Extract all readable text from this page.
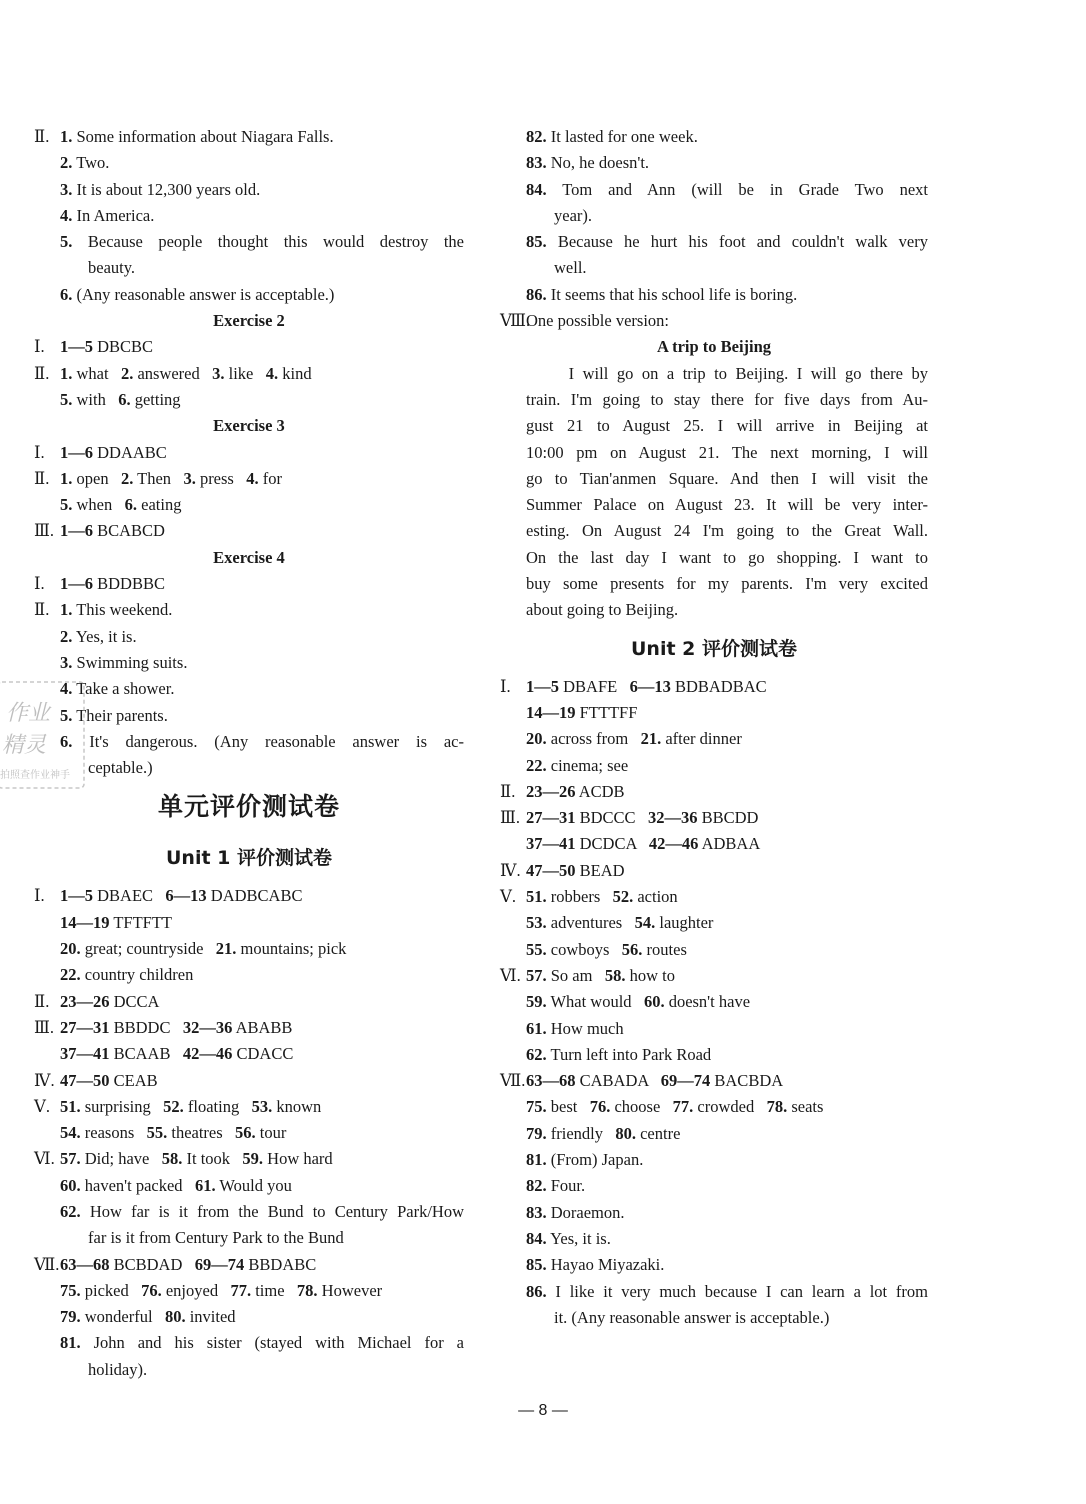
Ⅱ. 1. Some information about Niagara Falls.
2. Two.
3. It is about 12,300 years old.
4. In America.
5. Because people thought this would destroy the
beauty.
6. (Any reasonable answer is acceptable.)
Exercise 2
Ⅰ. 1—5 DBCBC
Ⅱ. 1. what   2. answered   3. like   4. kind
5. with   6. getting
Exercise 3
Ⅰ. 1—6 DDAABC
Ⅱ. 1. open   2. Then   3. press   4. for
5. when   6. eating
Ⅲ. 1—6 BCABCD
Exercise 4
Ⅰ. 1—6 BDDBBC
Ⅱ. 1. This weekend.
2. Yes, it is.
3. Swimming suits.
4. Take a shower.
5. Their parents.
6. It's dangerous. (Any reasonable answer is ac-
ceptable.)
单元评价测试卷
Unit 1 评价测试卷
Ⅰ. 1—5 DBAEC   6—13 DADBCABC
14—19 TFTFTT
20. great; countryside   21. mountains; pick
22. country children
Ⅱ. 23—26 DCCA
Ⅲ. 27—31 BBDDC   32—36 ABABB
37—41 BCAAB   42—46 CDACC
Ⅳ. 47—50 CEAB
Ⅴ. 51. surprising   52. floating   53. known
54. reasons   55. theatres   56. tour
Ⅵ. 57. Did; have   58. It took   59. How hard
60. haven't packed   61. Would you
62. How far is it from the Bund to Century Park/How
far is it from Century Park to the Bund
Ⅶ. 63—68 BCBDAD   69—74 BBDABC
75. picked   76. enjoyed   77. time   78. However
79. wonderful   80. invited
81. John and his sister (stayed with Michael for a
holiday).
82. It lasted for one week.
83. No, he doesn't.
84. Tom and Ann (will be in Grade Two next
year).
85. Because he hurt his foot and couldn't walk very
well.
86. It seems that his school life is boring.
Ⅷ.
One possible version:
A trip to Beijing
I will go on a trip to Beijing. I will go there by
train. I'm going to stay there for five days from Au-
gust 21 to August 25. I will arrive in Beijing at
10:00 pm on August 21. The next morning, I will
go to Tian'anmen Square. And then I will visit the
Summer Palace on August 23. It will be very inter-
esting. On August 24 I'm going to the Great Wall.
On the last day I want to go shopping. I want to
buy some presents for my parents. I'm very excited
about going to Beijing.
Unit 2 评价测试卷
Ⅰ. 1—5 DBAFE   6—13 BDBADBAC
14—19 FTTTFF
20. across from   21. after dinner
22. cinema; see
Ⅱ. 23—26 ACDB
Ⅲ. 27—31 BDCCC   32—36 BBCDD
37—41 DCDCA   42—46 ADBAA
Ⅳ. 47—50 BEAD
Ⅴ. 51. robbers   52. action
53. adventures   54. laughter
55. cowboys   56. routes
Ⅵ. 57. So am   58. how to
59. What would   60. doesn't have
61. How much
62. Turn left into Park Road
Ⅶ. 63—68 CABADA   69—74 BACBDA
75. best   76. choose   77. crowded   78. seats
79. friendly   80. centre
81. (From) Japan.
82. Four.
83. Doraemon.
84. Yes, it is.
85. Hayao Miyazaki.
86. I like it very much because I can learn a lot from
it. (Any reasonable answer is acceptable.)
作业
精灵
拍照查作业神手
— 8 —
